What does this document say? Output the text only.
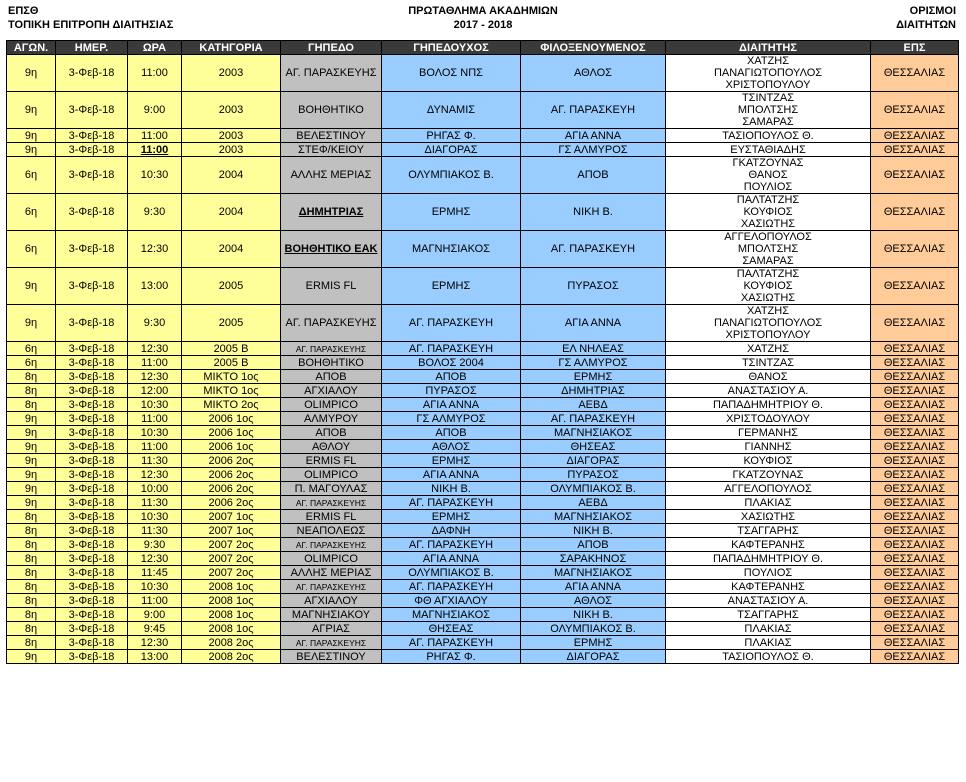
ΕΠΣΘ
ΤΟΠΙΚΗ ΕΠΙΤΡΟΠΗ ΔΙΑΙΤΗΣΙΑΣ
ΠΡΩΤΑΘΛΗΜΑ ΑΚΑΔΗΜΙΩΝ
2017 - 2018
ΟΡΙΣΜΟΙ
ΔΙΑΙΤΗΤΩΝ
ΑΓΩΝ.	ΗΜΕΡ.	ΩΡΑ	ΚΑΤΗΓΟΡΙΑ	ΓΗΠΕΔΟ	ΓΗΠΕΔΟΥΧΟΣ	ΦΙΛΟΞΕΝΟΥΜΕΝΟΣ	ΔΙΑΙΤΗΤΗΣ	ΕΠΣ
9η	3-Φεβ-18	11:00	2003	ΑΓ. ΠΑΡΑΣΚΕΥΗΣ	ΒΟΛΟΣ ΝΠΣ	ΑΘΛΟΣ	ΧΑΤΖΗΣ
ΠΑΝΑΓΙΩΤΟΠΟΥΛΟΣ
ΧΡΙΣΤΟΠΟΥΛΟΥ	ΘΕΣΣΑΛΙΑΣ
9η	3-Φεβ-18	9:00	2003	ΒΟΗΘΗΤΙΚΟ	ΔΥΝΑΜΙΣ	ΑΓ. ΠΑΡΑΣΚΕΥΗ	ΤΣΙΝΤΖΑΣ
ΜΠΟΛΤΣΗΣ
ΣΑΜΑΡΑΣ	ΘΕΣΣΑΛΙΑΣ
9η	3-Φεβ-18	11:00	2003	ΒΕΛΕΣΤΙΝΟΥ	ΡΗΓΑΣ Φ.	ΑΓΙΑ ΑΝΝΑ	ΤΑΣΙΟΠΟΥΛΟΣ Θ.	ΘΕΣΣΑΛΙΑΣ
9η	3-Φεβ-18	11:00	2003	ΣΤΕΦ/ΚΕΙΟΥ	ΔΙΑΓΟΡΑΣ	ΓΣ ΑΛΜΥΡΟΣ	ΕΥΣΤΑΘΙΑΔΗΣ	ΘΕΣΣΑΛΙΑΣ
6η	3-Φεβ-18	10:30	2004	ΑΛΛΗΣ ΜΕΡΙΑΣ	ΟΛΥΜΠΙΑΚΟΣ Β.	ΑΠΟΒ	ΓΚΑΤΖΟΥΝΑΣ
ΘΑΝΟΣ
ΠΟΥΛΙΟΣ	ΘΕΣΣΑΛΙΑΣ
6η	3-Φεβ-18	9:30	2004	ΔΗΜΗΤΡΙΑΣ	ΕΡΜΗΣ	ΝΙΚΗ Β.	ΠΑΛΤΑΤΖΗΣ
ΚΟΥΦΙΟΣ
ΧΑΣΙΩΤΗΣ	ΘΕΣΣΑΛΙΑΣ
6η	3-Φεβ-18	12:30	2004	ΒΟΗΘΗΤΙΚΟ ΕΑΚ	ΜΑΓΝΗΣΙΑΚΟΣ	ΑΓ. ΠΑΡΑΣΚΕΥΗ	ΑΓΓΕΛΟΠΟΥΛΟΣ
ΜΠΟΛΤΣΗΣ
ΣΑΜΑΡΑΣ	ΘΕΣΣΑΛΙΑΣ
9η	3-Φεβ-18	13:00	2005	ERMIS FL	ΕΡΜΗΣ	ΠΥΡΑΣΟΣ	ΠΑΛΤΑΤΖΗΣ
ΚΟΥΦΙΟΣ
ΧΑΣΙΩΤΗΣ	ΘΕΣΣΑΛΙΑΣ
9η	3-Φεβ-18	9:30	2005	ΑΓ. ΠΑΡΑΣΚΕΥΗΣ	ΑΓ. ΠΑΡΑΣΚΕΥΗ	ΑΓΙΑ ΑΝΝΑ	ΧΑΤΖΗΣ
ΠΑΝΑΓΙΩΤΟΠΟΥΛΟΣ
ΧΡΙΣΤΟΠΟΥΛΟΥ	ΘΕΣΣΑΛΙΑΣ
6η	3-Φεβ-18	12:30	2005 Β	ΑΓ. ΠΑΡΑΣΚΕΥΗΣ	ΑΓ. ΠΑΡΑΣΚΕΥΗ	ΕΛ ΝΗΛΕΑΣ	ΧΑΤΖΗΣ	ΘΕΣΣΑΛΙΑΣ
6η	3-Φεβ-18	11:00	2005 Β	ΒΟΗΘΗΤΙΚΟ	ΒΟΛΟΣ 2004	ΓΣ ΑΛΜΥΡΟΣ	ΤΣΙΝΤΖΑΣ	ΘΕΣΣΑΛΙΑΣ
8η	3-Φεβ-18	12:30	ΜΙΚΤΟ 1ος	ΑΠΟΒ	ΑΠΟΒ	ΕΡΜΗΣ	ΘΑΝΟΣ	ΘΕΣΣΑΛΙΑΣ
8η	3-Φεβ-18	12:00	ΜΙΚΤΟ 1ος	ΑΓΧΙΑΛΟΥ	ΠΥΡΑΣΟΣ	ΔΗΜΗΤΡΙΑΣ	ΑΝΑΣΤΑΣΙΟΥ Α.	ΘΕΣΣΑΛΙΑΣ
8η	3-Φεβ-18	10:30	ΜΙΚΤΟ 2ος	OLIMPICO	ΑΓΙΑ ΑΝΝΑ	ΑΕΒΔ	ΠΑΠΑΔΗΜΗΤΡΙΟΥ Θ.	ΘΕΣΣΑΛΙΑΣ
9η	3-Φεβ-18	11:00	2006 1ος	ΑΛΜΥΡΟΥ	ΓΣ ΑΛΜΥΡΟΣ	ΑΓ. ΠΑΡΑΣΚΕΥΗ	ΧΡΙΣΤΟΔΟΥΛΟΥ	ΘΕΣΣΑΛΙΑΣ
9η	3-Φεβ-18	10:30	2006 1ος	ΑΠΟΒ	ΑΠΟΒ	ΜΑΓΝΗΣΙΑΚΟΣ	ΓΕΡΜΑΝΗΣ	ΘΕΣΣΑΛΙΑΣ
9η	3-Φεβ-18	11:00	2006 1ος	ΑΘΛΟΥ	ΑΘΛΟΣ	ΘΗΣΕΑΣ	ΓΙΑΝΝΗΣ	ΘΕΣΣΑΛΙΑΣ
9η	3-Φεβ-18	11:30	2006 2ος	ERMIS FL	ΕΡΜΗΣ	ΔΙΑΓΟΡΑΣ	ΚΟΥΦΙΟΣ	ΘΕΣΣΑΛΙΑΣ
9η	3-Φεβ-18	12:30	2006 2ος	OLIMPICO	ΑΓΙΑ ΑΝΝΑ	ΠΥΡΑΣΟΣ	ΓΚΑΤΖΟΥΝΑΣ	ΘΕΣΣΑΛΙΑΣ
9η	3-Φεβ-18	10:00	2006 2ος	Π. ΜΑΓΟΥΛΑΣ	ΝΙΚΗ Β.	ΟΛΥΜΠΙΑΚΟΣ Β.	ΑΓΓΕΛΟΠΟΥΛΟΣ	ΘΕΣΣΑΛΙΑΣ
9η	3-Φεβ-18	11:30	2006 2ος	ΑΓ. ΠΑΡΑΣΚΕΥΗΣ	ΑΓ. ΠΑΡΑΣΚΕΥΗ	ΑΕΒΔ	ΠΛΑΚΙΑΣ	ΘΕΣΣΑΛΙΑΣ
8η	3-Φεβ-18	10:30	2007 1ος	ERMIS FL	ΕΡΜΗΣ	ΜΑΓΝΗΣΙΑΚΟΣ	ΧΑΣΙΩΤΗΣ	ΘΕΣΣΑΛΙΑΣ
8η	3-Φεβ-18	11:30	2007 1ος	ΝΕΑΠΟΛΕΩΣ	ΔΑΦΝΗ	ΝΙΚΗ Β.	ΤΣΑΓΓΑΡΗΣ	ΘΕΣΣΑΛΙΑΣ
8η	3-Φεβ-18	9:30	2007 2ος	ΑΓ. ΠΑΡΑΣΚΕΥΗΣ	ΑΓ. ΠΑΡΑΣΚΕΥΗ	ΑΠΟΒ	ΚΑΦΤΕΡΑΝΗΣ	ΘΕΣΣΑΛΙΑΣ
8η	3-Φεβ-18	12:30	2007 2ος	OLIMPICO	ΑΓΙΑ ΑΝΝΑ	ΣΑΡΑΚΗΝΟΣ	ΠΑΠΑΔΗΜΗΤΡΙΟΥ Θ.	ΘΕΣΣΑΛΙΑΣ
8η	3-Φεβ-18	11:45	2007 2ος	ΑΛΛΗΣ ΜΕΡΙΑΣ	ΟΛΥΜΠΙΑΚΟΣ Β.	ΜΑΓΝΗΣΙΑΚΟΣ	ΠΟΥΛΙΟΣ	ΘΕΣΣΑΛΙΑΣ
8η	3-Φεβ-18	10:30	2008 1ος	ΑΓ. ΠΑΡΑΣΚΕΥΗΣ	ΑΓ. ΠΑΡΑΣΚΕΥΗ	ΑΓΙΑ ΑΝΝΑ	ΚΑΦΤΕΡΑΝΗΣ	ΘΕΣΣΑΛΙΑΣ
8η	3-Φεβ-18	11:00	2008 1ος	ΑΓΧΙΑΛΟΥ	ΦΘ ΑΓΧΙΑΛΟΥ	ΑΘΛΟΣ	ΑΝΑΣΤΑΣΙΟΥ Α.	ΘΕΣΣΑΛΙΑΣ
8η	3-Φεβ-18	9:00	2008 1ος	ΜΑΓΝΗΣΙΑΚΟΥ	ΜΑΓΝΗΣΙΑΚΟΣ	ΝΙΚΗ Β.	ΤΣΑΓΓΑΡΗΣ	ΘΕΣΣΑΛΙΑΣ
8η	3-Φεβ-18	9:45	2008 1ος	ΑΓΡΙΑΣ	ΘΗΣΕΑΣ	ΟΛΥΜΠΙΑΚΟΣ Β.	ΠΛΑΚΙΑΣ	ΘΕΣΣΑΛΙΑΣ
8η	3-Φεβ-18	12:30	2008 2ος	ΑΓ. ΠΑΡΑΣΚΕΥΗΣ	ΑΓ. ΠΑΡΑΣΚΕΥΗ	ΕΡΜΗΣ	ΠΛΑΚΙΑΣ	ΘΕΣΣΑΛΙΑΣ
9η	3-Φεβ-18	13:00	2008 2ος	ΒΕΛΕΣΤΙΝΟΥ	ΡΗΓΑΣ Φ.	ΔΙΑΓΟΡΑΣ	ΤΑΣΙΟΠΟΥΛΟΣ Θ.	ΘΕΣΣΑΛΙΑΣ
